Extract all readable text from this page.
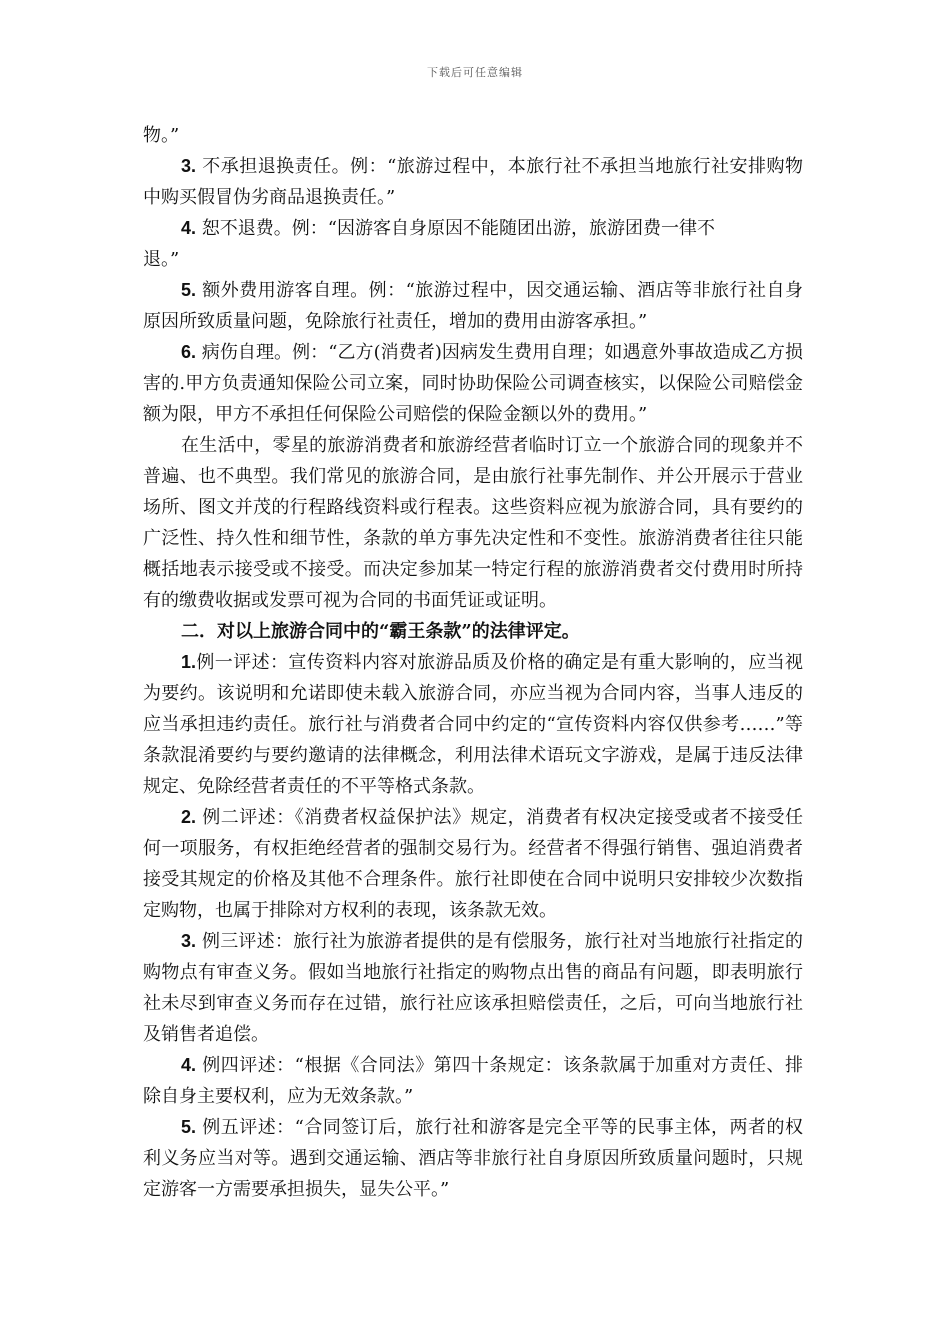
下载后可任意编辑

物。”

3. 不承担退换责任。例：“旅游过程中，本旅行社不承担当地旅行社安排购物中购买假冒伪劣商品退换责任。”

4. 恕不退费。例：“因游客自身原因不能随团出游，旅游团费一律不
退。”

5. 额外费用游客自理。例：“旅游过程中，因交通运输、酒店等非旅行社自身原因所致质量问题，免除旅行社责任，增加的费用由游客承担。”

6. 病伤自理。例：“乙方(消费者)因病发生费用自理；如遇意外事故造成乙方损害的.甲方负责通知保险公司立案，同时协助保险公司调查核实，以保险公司赔偿金额为限，甲方不承担任何保险公司赔偿的保险金额以外的费用。”

在生活中，零星的旅游消费者和旅游经营者临时订立一个旅游合同的现象并不普遍、也不典型。我们常见的旅游合同，是由旅行社事先制作、并公开展示于营业场所、图文并茂的行程路线资料或行程表。这些资料应视为旅游合同，具有要约的广泛性、持久性和细节性，条款的单方事先决定性和不变性。旅游消费者往往只能概括地表示接受或不接受。而决定参加某一特定行程的旅游消费者交付费用时所持有的缴费收据或发票可视为合同的书面凭证或证明。

二．对以上旅游合同中的“霸王条款”的法律评定。

1.例一评述：宣传资料内容对旅游品质及价格的确定是有重大影响的，应当视为要约。该说明和允诺即使未载入旅游合同，亦应当视为合同内容，当事人违反的应当承担违约责任。旅行社与消费者合同中约定的“宣传资料内容仅供参考……”等条款混淆要约与要约邀请的法律概念，利用法律术语玩文字游戏，是属于违反法律规定、免除经营者责任的不平等格式条款。

2. 例二评述：《消费者权益保护法》规定，消费者有权决定接受或者不接受任何一项服务，有权拒绝经营者的强制交易行为。经营者不得强行销售、强迫消费者接受其规定的价格及其他不合理条件。旅行社即使在合同中说明只安排较少次数指定购物，也属于排除对方权利的表现，该条款无效。

3. 例三评述：旅行社为旅游者提供的是有偿服务，旅行社对当地旅行社指定的购物点有审查义务。假如当地旅行社指定的购物点出售的商品有问题，即表明旅行社未尽到审查义务而存在过错，旅行社应该承担赔偿责任，之后，可向当地旅行社及销售者追偿。

4. 例四评述：“根据《合同法》第四十条规定：该条款属于加重对方责任、排除自身主要权利，应为无效条款。”

5. 例五评述：“合同签订后，旅行社和游客是完全平等的民事主体，两者的权利义务应当对等。遇到交通运输、酒店等非旅行社自身原因所致质量问题时，只规定游客一方需要承担损失，显失公平。”
